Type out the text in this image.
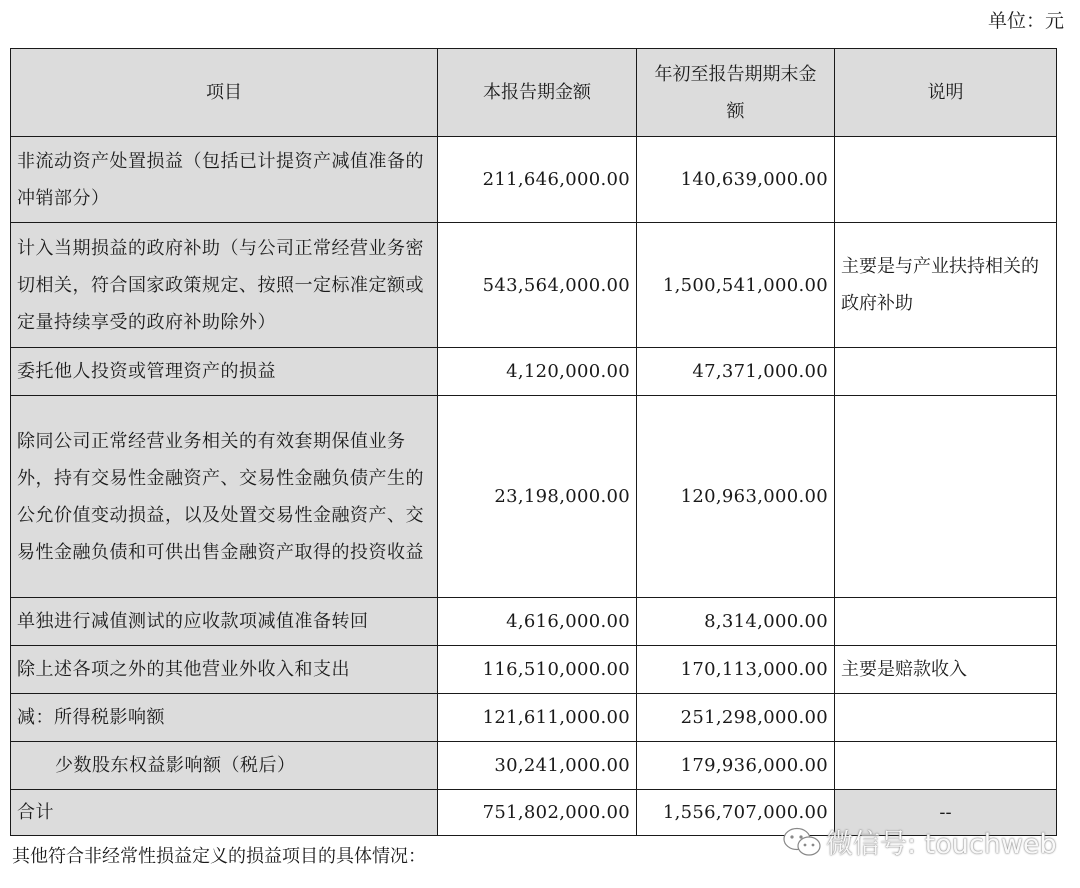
单位：元
项目	本报告期金额	年初至报告期期末金额	说明
非流动资产处置损益（包括已计提资产减值准备的冲销部分）	211,646,000.00	140,639,000.00	
计入当期损益的政府补助（与公司正常经营业务密切相关，符合国家政策规定、按照一定标准定额或定量持续享受的政府补助除外）	543,564,000.00	1,500,541,000.00	主要是与产业扶持相关的政府补助
委托他人投资或管理资产的损益	4,120,000.00	47,371,000.00	
除同公司正常经营业务相关的有效套期保值业务外，持有交易性金融资产、交易性金融负债产生的公允价值变动损益，以及处置交易性金融资产、交易性金融负债和可供出售金融资产取得的投资收益	23,198,000.00	120,963,000.00	
单独进行减值测试的应收款项减值准备转回	4,616,000.00	8,314,000.00	
除上述各项之外的其他营业外收入和支出	116,510,000.00	170,113,000.00	主要是赔款收入
减：所得税影响额	121,611,000.00	251,298,000.00	
少数股东权益影响额（税后）	30,241,000.00	179,936,000.00	
合计	751,802,000.00	1,556,707,000.00	--
其他符合非经常性损益定义的损益项目的具体情况：	微信号: touchweb
